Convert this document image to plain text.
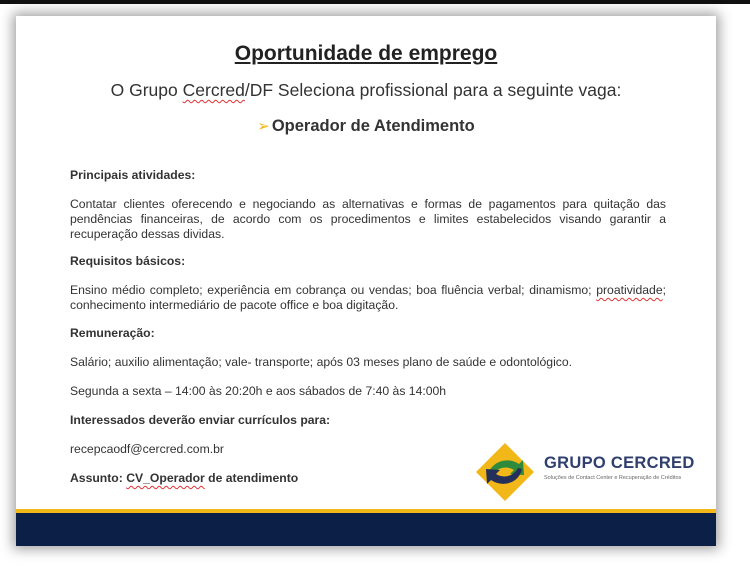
Oportunidade de emprego
O Grupo Cercred/DF Seleciona profissional para a seguinte vaga:
➢ Operador de Atendimento
Principais atividades:
Contatar clientes oferecendo e negociando as alternativas e formas de pagamentos para quitação das pendências financeiras, de acordo com os procedimentos e limites estabelecidos visando garantir a recuperação dessas dividas.
Requisitos básicos:
Ensino médio completo; experiência em cobrança ou vendas; boa fluência verbal; dinamismo; proatividade; conhecimento intermediário de pacote office e boa digitação.
Remuneração:
Salário; auxilio alimentação; vale- transporte; após 03 meses plano de saúde e odontológico.
Segunda a sexta – 14:00 às 20:20h e aos sábados de 7:40 às 14:00h
Interessados deverão enviar currículos para:
recepcaodf@cercred.com.br
Assunto: CV_Operador de atendimento
GRUPO CERCRED
Soluções de Contact Center e Recuperação de Créditos
